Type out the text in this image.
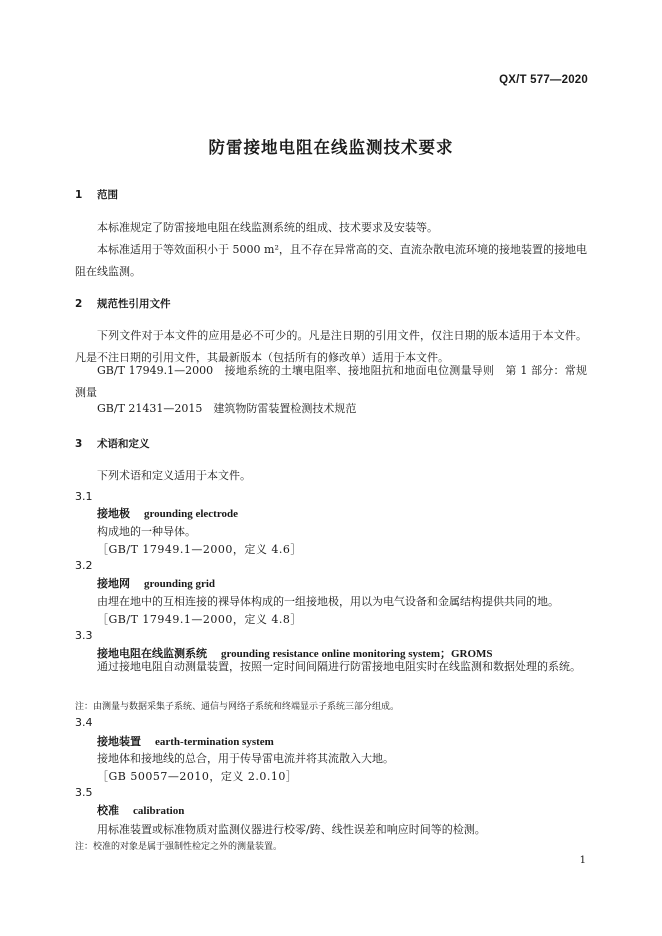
QX/T 577—2020
防雷接地电阻在线监测技术要求
1 范围
本标准规定了防雷接地电阻在线监测系统的组成、技术要求及安装等。
本标准适用于等效面积小于 5000 m²，且不存在异常高的交、直流杂散电流环境的接地装置的接地电阻在线监测。
2 规范性引用文件
下列文件对于本文件的应用是必不可少的。凡是注日期的引用文件，仅注日期的版本适用于本文件。凡是不注日期的引用文件，其最新版本（包括所有的修改单）适用于本文件。
GB/T 17949.1—2000　接地系统的土壤电阻率、接地阻抗和地面电位测量导则　第 1 部分：常规测量
GB/T 21431—2015　建筑物防雷装置检测技术规范
3 术语和定义
下列术语和定义适用于本文件。
3.1
接地极 grounding electrode
构成地的一种导体。
［GB/T 17949.1—2000，定义 4.6］
3.2
接地网 grounding grid
由埋在地中的互相连接的裸导体构成的一组接地极，用以为电气设备和金属结构提供共同的地。
［GB/T 17949.1—2000，定义 4.8］
3.3
接地电阻在线监测系统 grounding resistance online monitoring system；GROMS
通过接地电阻自动测量装置，按照一定时间间隔进行防雷接地电阻实时在线监测和数据处理的系统。
注：由测量与数据采集子系统、通信与网络子系统和终端显示子系统三部分组成。
3.4
接地装置 earth-termination system
接地体和接地线的总合，用于传导雷电流并将其流散入大地。
［GB 50057—2010，定义 2.0.10］
3.5
校准 calibration
用标准装置或标准物质对监测仪器进行校零/跨、线性误差和响应时间等的检测。
注：校准的对象是属于强制性检定之外的测量装置。
1
